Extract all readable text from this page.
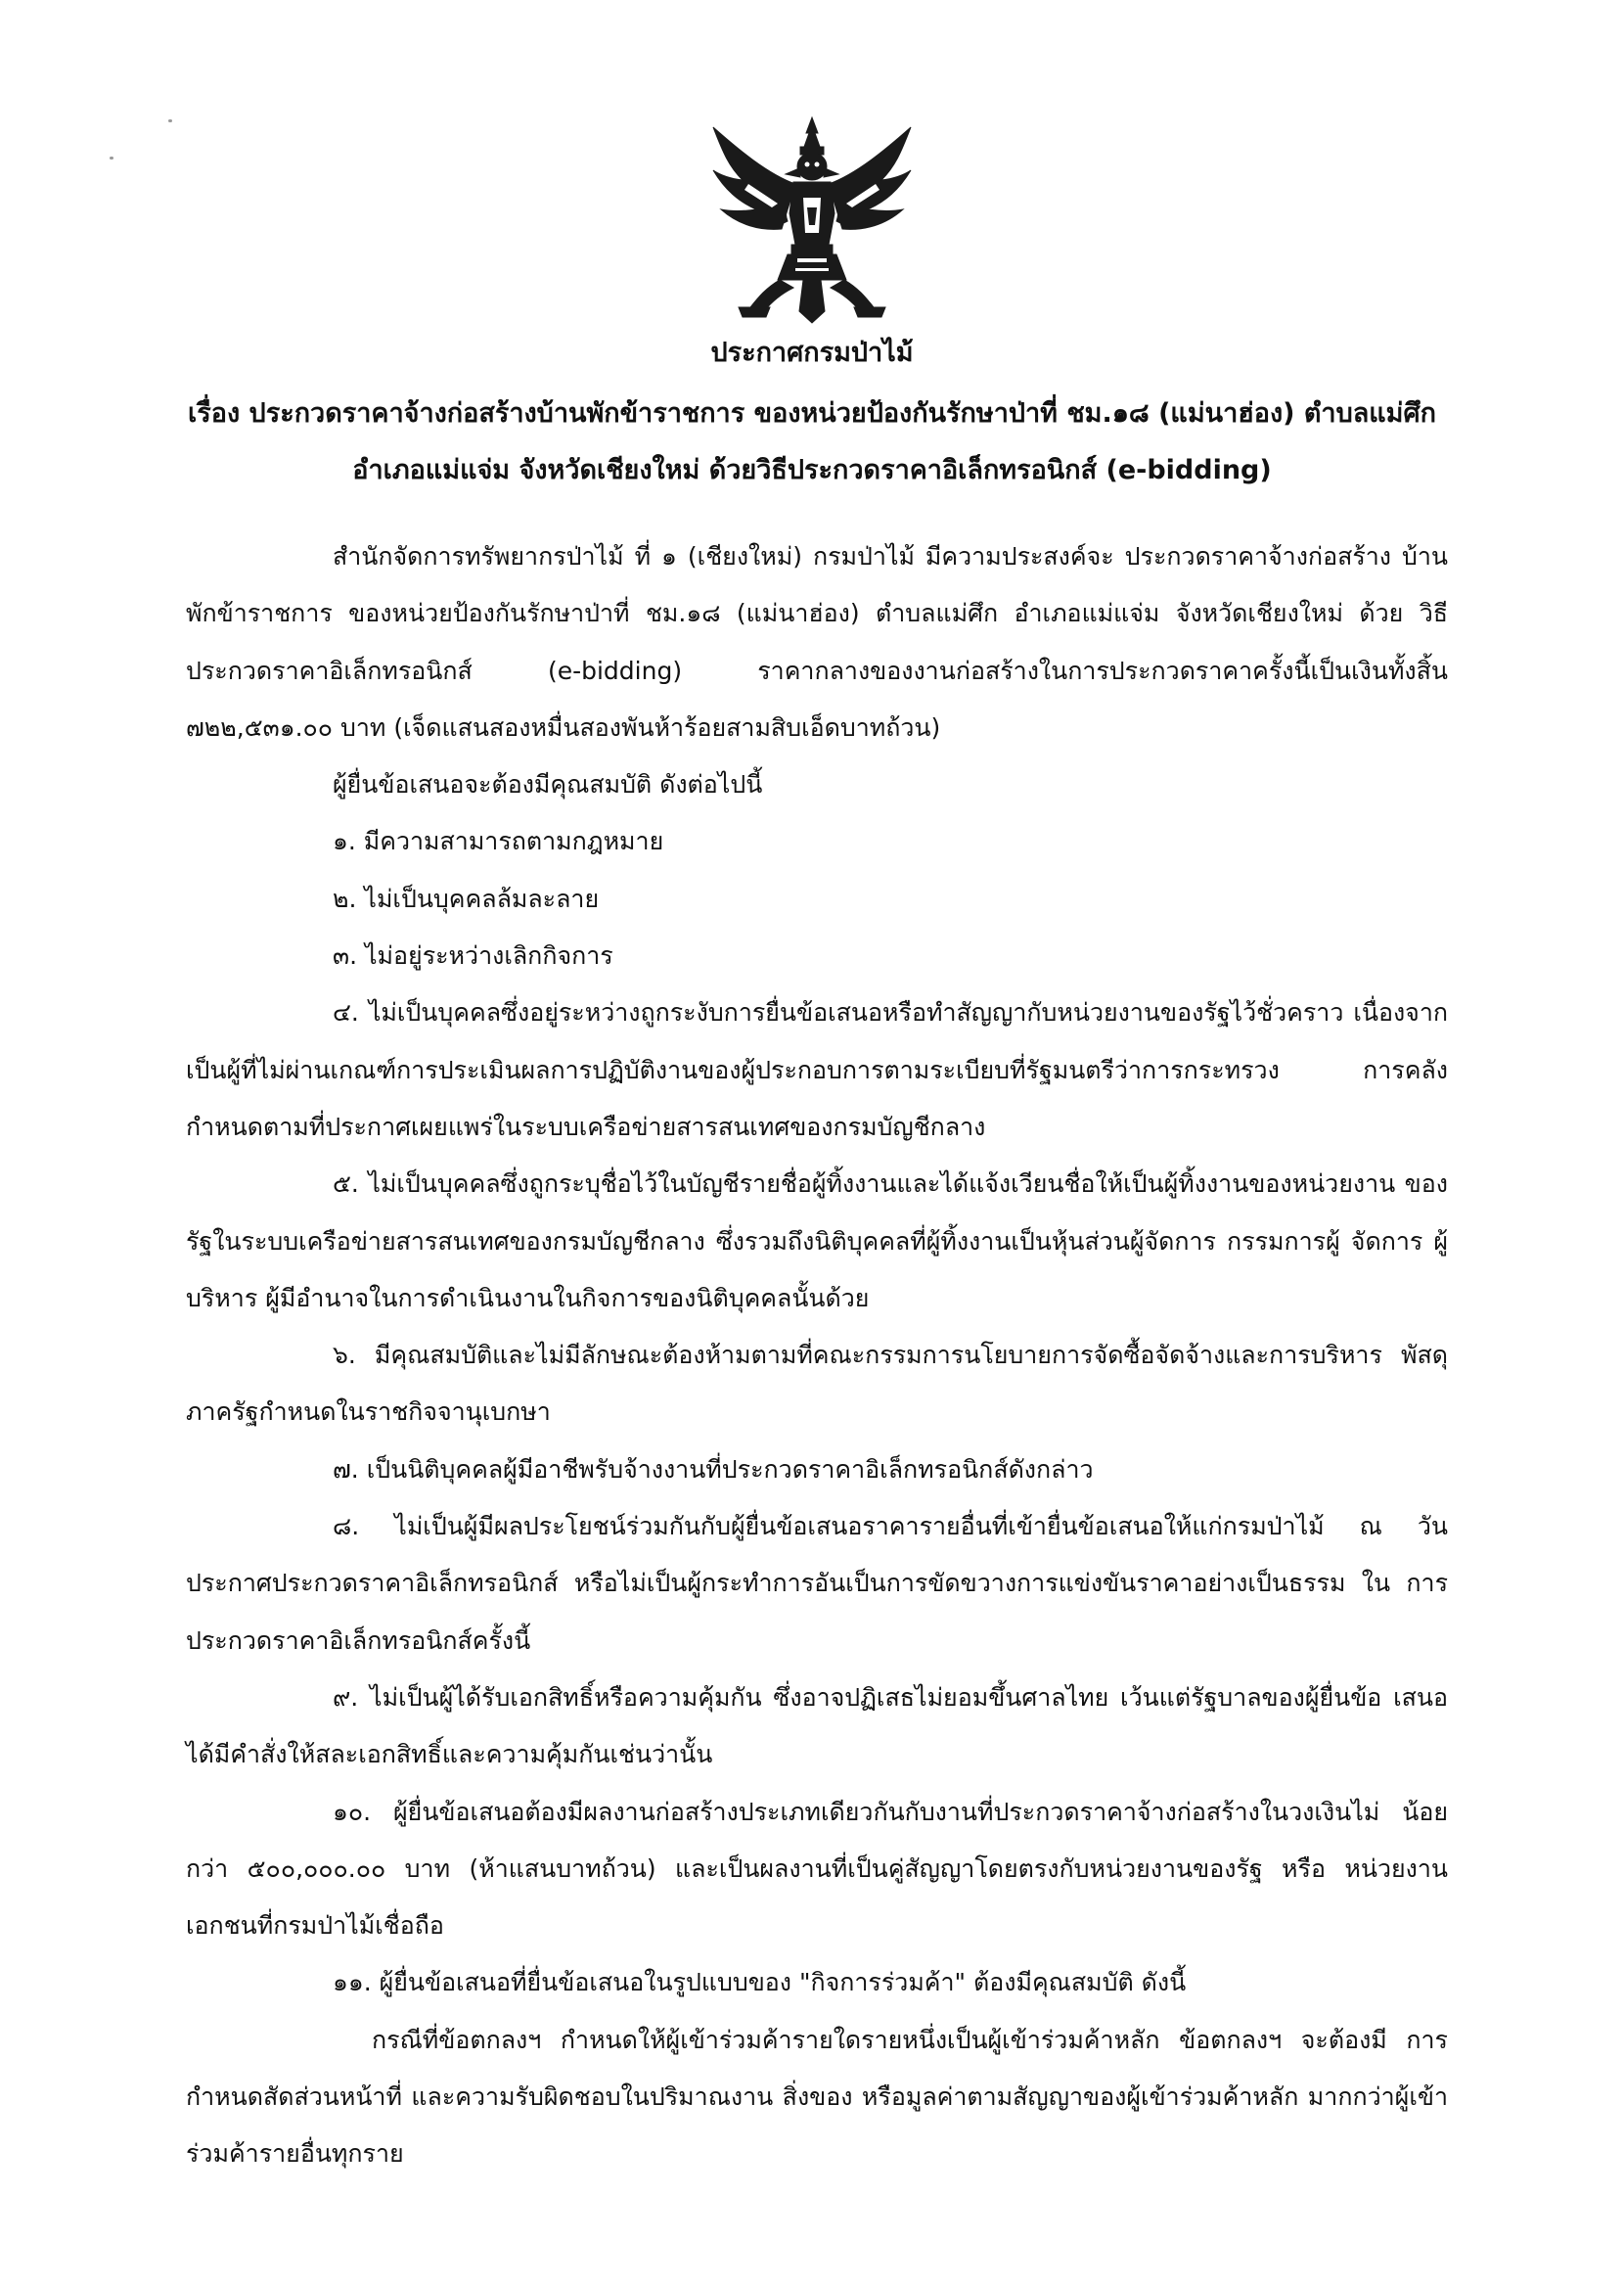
ประกาศกรมป่าไม้
เรื่อง ประกวดราคาจ้างก่อสร้างบ้านพักข้าราชการ ของหน่วยป้องกันรักษาป่าที่ ชม.๑๘ (แม่นาฮ่อง) ตำบลแม่ศึก
อำเภอแม่แจ่ม จังหวัดเชียงใหม่ ด้วยวิธีประกวดราคาอิเล็กทรอนิกส์ (e-bidding)

สำนักจัดการทรัพยากรป่าไม้ ที่ ๑ (เชียงใหม่) กรมป่าไม้ มีความประสงค์จะ ประกวดราคาจ้างก่อสร้าง บ้านพักข้าราชการ ของหน่วยป้องกันรักษาป่าที่ ชม.๑๘ (แม่นาฮ่อง) ตำบลแม่ศึก อำเภอแม่แจ่ม จังหวัดเชียงใหม่ ด้วย วิธีประกวดราคาอิเล็กทรอนิกส์ (e-bidding) ราคากลางของงานก่อสร้างในการประกวดราคาครั้งนี้เป็นเงินทั้งสิ้น ๗๒๒,๕๓๑.๐๐ บาท (เจ็ดแสนสองหมื่นสองพันห้าร้อยสามสิบเอ็ดบาทถ้วน)

ผู้ยื่นข้อเสนอจะต้องมีคุณสมบัติ ดังต่อไปนี้

๑. มีความสามารถตามกฎหมาย

๒. ไม่เป็นบุคคลล้มละลาย

๓. ไม่อยู่ระหว่างเลิกกิจการ

๔. ไม่เป็นบุคคลซึ่งอยู่ระหว่างถูกระงับการยื่นข้อเสนอหรือทำสัญญากับหน่วยงานของรัฐไว้ชั่วคราว เนื่องจากเป็นผู้ที่ไม่ผ่านเกณฑ์การประเมินผลการปฏิบัติงานของผู้ประกอบการตามระเบียบที่รัฐมนตรีว่าการกระทรวง การคลังกำหนดตามที่ประกาศเผยแพร่ในระบบเครือข่ายสารสนเทศของกรมบัญชีกลาง

๕. ไม่เป็นบุคคลซึ่งถูกระบุชื่อไว้ในบัญชีรายชื่อผู้ทิ้งงานและได้แจ้งเวียนชื่อให้เป็นผู้ทิ้งงานของหน่วยงาน ของรัฐในระบบเครือข่ายสารสนเทศของกรมบัญชีกลาง ซึ่งรวมถึงนิติบุคคลที่ผู้ทิ้งงานเป็นหุ้นส่วนผู้จัดการ กรรมการผู้ จัดการ ผู้บริหาร ผู้มีอำนาจในการดำเนินงานในกิจการของนิติบุคคลนั้นด้วย

๖. มีคุณสมบัติและไม่มีลักษณะต้องห้ามตามที่คณะกรรมการนโยบายการจัดซื้อจัดจ้างและการบริหาร พัสดุภาครัฐกำหนดในราชกิจจานุเบกษา

๗. เป็นนิติบุคคลผู้มีอาชีพรับจ้างงานที่ประกวดราคาอิเล็กทรอนิกส์ดังกล่าว

๘. ไม่เป็นผู้มีผลประโยชน์ร่วมกันกับผู้ยื่นข้อเสนอราคารายอื่นที่เข้ายื่นข้อเสนอให้แก่กรมป่าไม้ ณ วัน ประกาศประกวดราคาอิเล็กทรอนิกส์ หรือไม่เป็นผู้กระทำการอันเป็นการขัดขวางการแข่งขันราคาอย่างเป็นธรรม ใน การประกวดราคาอิเล็กทรอนิกส์ครั้งนี้

๙. ไม่เป็นผู้ได้รับเอกสิทธิ์หรือความคุ้มกัน ซึ่งอาจปฏิเสธไม่ยอมขึ้นศาลไทย เว้นแต่รัฐบาลของผู้ยื่นข้อ เสนอได้มีคำสั่งให้สละเอกสิทธิ์และความคุ้มกันเช่นว่านั้น

๑๐. ผู้ยื่นข้อเสนอต้องมีผลงานก่อสร้างประเภทเดียวกันกับงานที่ประกวดราคาจ้างก่อสร้างในวงเงินไม่ น้อยกว่า ๕๐๐,๐๐๐.๐๐ บาท (ห้าแสนบาทถ้วน) และเป็นผลงานที่เป็นคู่สัญญาโดยตรงกับหน่วยงานของรัฐ หรือ หน่วยงานเอกชนที่กรมป่าไม้เชื่อถือ

๑๑. ผู้ยื่นข้อเสนอที่ยื่นข้อเสนอในรูปแบบของ "กิจการร่วมค้า" ต้องมีคุณสมบัติ ดังนี้

กรณีที่ข้อตกลงฯ กำหนดให้ผู้เข้าร่วมค้ารายใดรายหนึ่งเป็นผู้เข้าร่วมค้าหลัก ข้อตกลงฯ จะต้องมี การกำหนดสัดส่วนหน้าที่ และความรับผิดชอบในปริมาณงาน สิ่งของ หรือมูลค่าตามสัญญาของผู้เข้าร่วมค้าหลัก มากกว่าผู้เข้าร่วมค้ารายอื่นทุกราย
